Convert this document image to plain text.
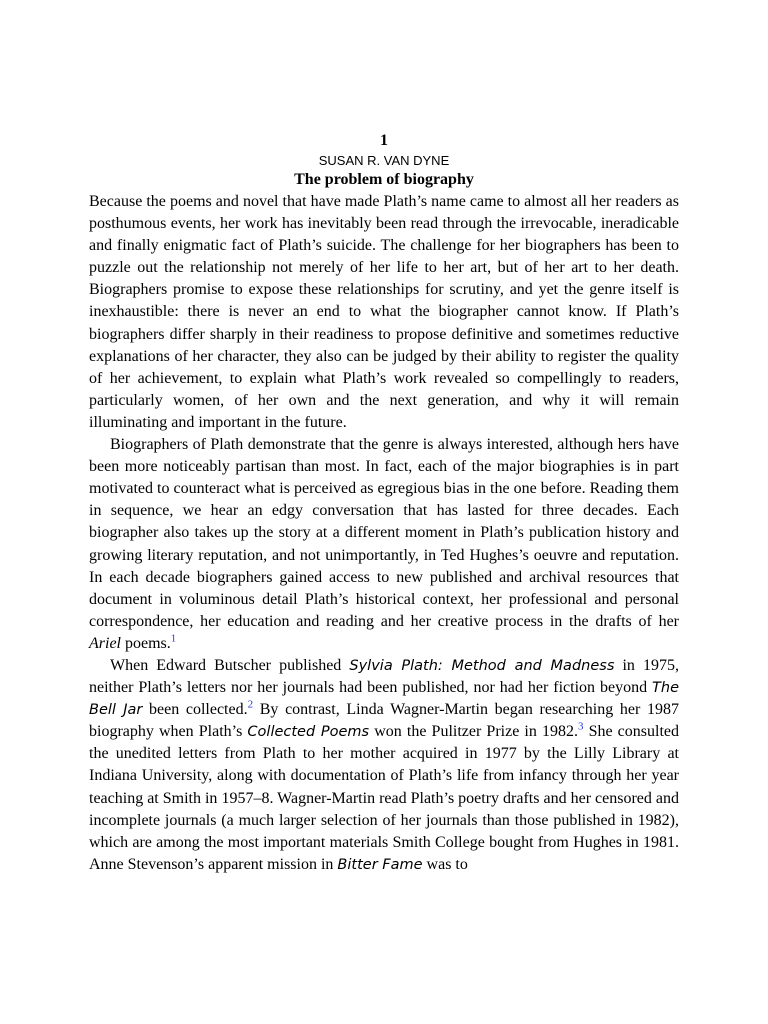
1
SUSAN R. VAN DYNE
The problem of biography

Because the poems and novel that have made Plath’s name came to almost all her readers as posthumous events, her work has inevitably been read through the irrevocable, ineradicable and finally enigmatic fact of Plath’s suicide. The challenge for her biographers has been to puzzle out the relationship not merely of her life to her art, but of her art to her death. Biographers promise to expose these relationships for scrutiny, and yet the genre itself is inexhaustible: there is never an end to what the biographer cannot know. If Plath’s biographers differ sharply in their readiness to propose definitive and sometimes reductive explanations of her character, they also can be judged by their ability to register the quality of her achievement, to explain what Plath’s work revealed so compellingly to readers, particularly women, of her own and the next generation, and why it will remain illuminating and important in the future.

Biographers of Plath demonstrate that the genre is always interested, although hers have been more noticeably partisan than most. In fact, each of the major biographies is in part motivated to counteract what is perceived as egregious bias in the one before. Reading them in sequence, we hear an edgy conversation that has lasted for three decades. Each biographer also takes up the story at a different moment in Plath’s publication history and growing literary reputation, and not unimportantly, in Ted Hughes’s oeuvre and reputation. In each decade biographers gained access to new published and archival resources that document in voluminous detail Plath’s historical context, her professional and personal correspondence, her education and reading and her creative process in the drafts of her Ariel poems.$^1$

When Edward Butscher published Sylvia Plath: Method and Madness in 1975, neither Plath’s letters nor her journals had been published, nor had her fiction beyond The Bell Jar been collected.$^2$ By contrast, Linda Wagner-Martin began researching her 1987 biography when Plath’s Collected Poems won the Pulitzer Prize in 1982.$^3$ She consulted the unedited letters from Plath to her mother acquired in 1977 by the Lilly Library at Indiana University, along with documentation of Plath’s life from infancy through her year teaching at Smith in 1957–8. Wagner-Martin read Plath’s poetry drafts and her censored and incomplete journals (a much larger selection of her journals than those published in 1982), which are among the most important materials Smith College bought from Hughes in 1981. Anne Stevenson’s apparent mission in Bitter Fame was to
